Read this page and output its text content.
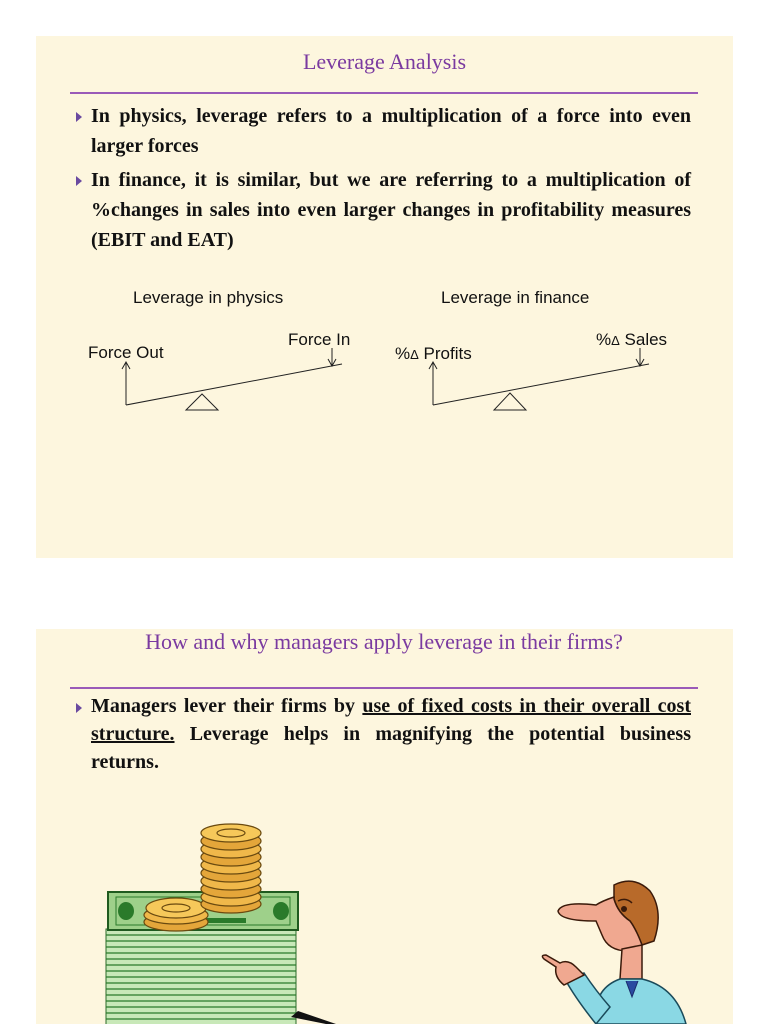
Leverage Analysis
In physics, leverage refers to a multiplication of a force into even larger forces
In finance, it is similar, but we are referring to a multiplication of %changes in sales into even larger changes in profitability measures (EBIT and EAT)
Leverage in physics
Force Out
Force In
Leverage in finance
%Δ Profits
%Δ Sales
How and why managers apply leverage in their firms?
Managers lever their firms by use of fixed costs in their overall cost structure. Leverage helps in magnifying the potential business returns.
